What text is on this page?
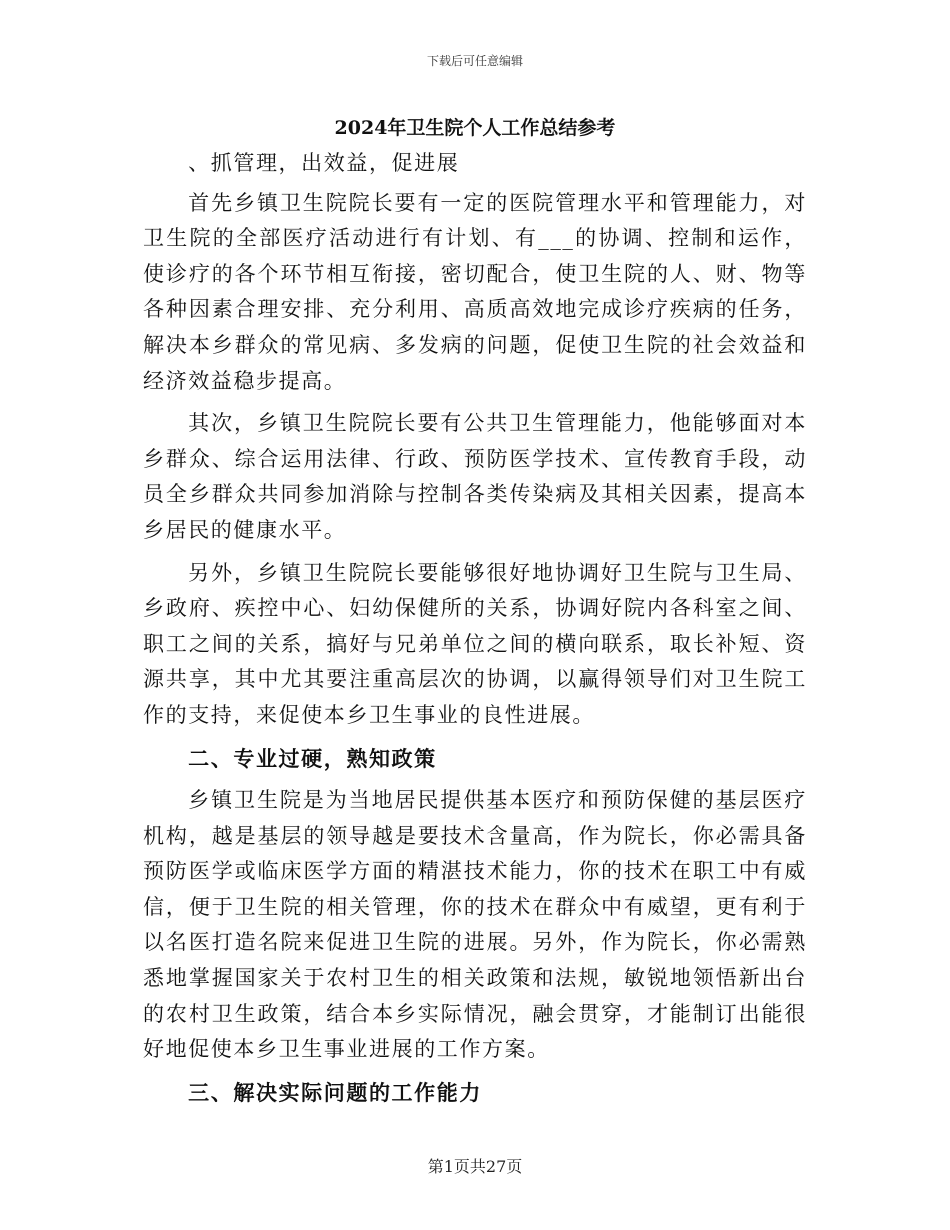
下载后可任意编辑
2024年卫生院个人工作总结参考

、抓管理，出效益，促进展

首先乡镇卫生院院长要有一定的医院管理水平和管理能力，对卫生院的全部医疗活动进行有计划、有___的协调、控制和运作，使诊疗的各个环节相互衔接，密切配合，使卫生院的人、财、物等各种因素合理安排、充分利用、高质高效地完成诊疗疾病的任务，解决本乡群众的常见病、多发病的问题，促使卫生院的社会效益和经济效益稳步提高。

其次，乡镇卫生院院长要有公共卫生管理能力，他能够面对本乡群众、综合运用法律、行政、预防医学技术、宣传教育手段，动员全乡群众共同参加消除与控制各类传染病及其相关因素，提高本乡居民的健康水平。

另外，乡镇卫生院院长要能够很好地协调好卫生院与卫生局、乡政府、疾控中心、妇幼保健所的关系，协调好院内各科室之间、职工之间的关系，搞好与兄弟单位之间的横向联系，取长补短、资源共享，其中尤其要注重高层次的协调，以赢得领导们对卫生院工作的支持，来促使本乡卫生事业的良性进展。

二、专业过硬，熟知政策

乡镇卫生院是为当地居民提供基本医疗和预防保健的基层医疗机构，越是基层的领导越是要技术含量高，作为院长，你必需具备预防医学或临床医学方面的精湛技术能力，你的技术在职工中有威信，便于卫生院的相关管理，你的技术在群众中有威望，更有利于以名医打造名院来促进卫生院的进展。另外，作为院长，你必需熟悉地掌握国家关于农村卫生的相关政策和法规，敏锐地领悟新出台的农村卫生政策，结合本乡实际情况，融会贯穿，才能制订出能很好地促使本乡卫生事业进展的工作方案。

三、解决实际问题的工作能力
第1页共27页
